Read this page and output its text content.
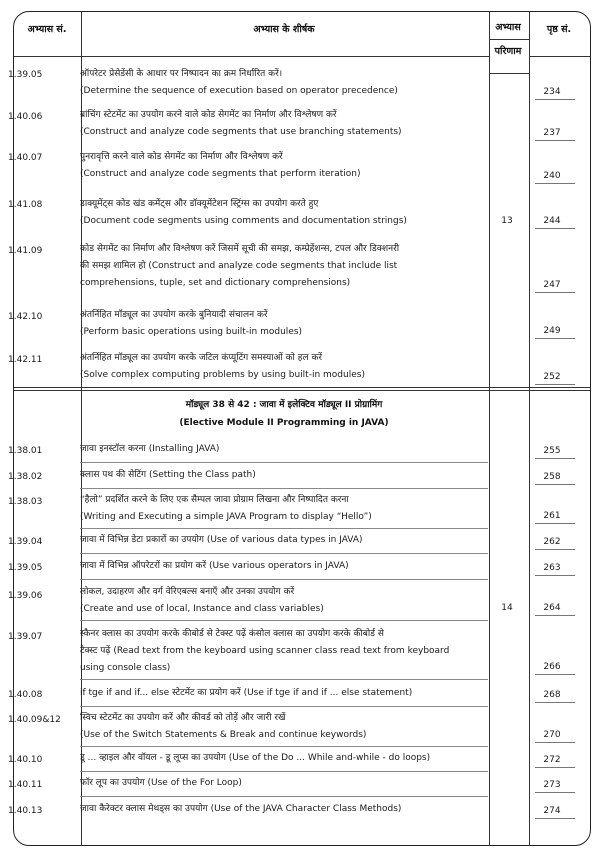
अभ्यास सं.	अभ्यास के शीर्षक	अभ्यास
परिणाम
पृष्ठ सं.
1.39.05	ऑपरेटर प्रेसेडेंसी के आधार पर निष्पादन का क्रम निर्धारित करें।
(Determine the sequence of execution based on operator precedence)	234
1.40.06	ब्रांचिंग स्टेटमेंट का उपयोग करने वाले कोड सेगमेंट का निर्माण और विश्लेषण करें
(Construct and analyze code segments that use branching statements)	237
1.40.07	पुनरावृत्ति करने वाले कोड सेगमेंट का निर्माण और विश्लेषण करें
(Construct and analyze code segments that perform iteration)	240
1.41.08	डाक्यूमेंट्स कोड खंड कमेंट्स और डॉक्यूमेंटेशन स्ट्रिंग्स का उपयोग करते हुए
(Document code segments using comments and documentation strings)	13	244
1.41.09	कोड सेगमेंट का निर्माण और विश्लेषण करें जिसमें सूची की समझ, कम्प्रेहेंशन्स, टपल और डिक्शनरी
की समझ शामिल हो (Construct and analyze code segments that include list
comprehensions, tuple, set and dictionary comprehensions)	247
1.42.10	अंतर्निहित मॉड्यूल का उपयोग करके बुनियादी संचालन करें
(Perform basic operations using built-in modules)	249
1.42.11	अंतर्निहित मॉड्यूल का उपयोग करके जटिल कंप्यूटिंग समस्याओं को हल करें
(Solve complex computing problems by using built-in modules)	252
मॉड्यूल 38 से 42 : जावा में इलेक्टिव मॉड्यूल II प्रोग्रामिंग
(Elective Module II Programming in JAVA)
1.38.01	जावा इनस्टॉल करना (Installing JAVA)	255
1.38.02	क्लास पथ की सेटिंग (Setting the Class path)	258
1.38.03	“हैलो” प्रदर्शित करने के लिए एक सैम्पल जावा प्रोग्राम लिखना और निष्पादित करना
(Writing and Executing a simple JAVA Program to display “Hello”)	261
1.39.04	जावा में विभिन्न डेटा प्रकारों का उपयोग (Use of various data types in JAVA)	262
1.39.05	जावा में विभिन्न ऑपरेटरों का प्रयोग करें (Use various operators in JAVA)	263
1.39.06	लोकल, उदाहरण और वर्ग वेरिएबल्स बनाएँ और उनका उपयोग करें
(Create and use of local, Instance and class variables)	14	264
1.39.07	स्कैनर क्लास का उपयोग करके कीबोर्ड से टेक्स्ट पढ़ें कंसोल क्लास का उपयोग करके कीबोर्ड से
टेक्स्ट पढ़ें (Read text from the keyboard using scanner class read text from keyboard
using console class)	266
1.40.08	if tge if and if... else स्टेटमेंट का प्रयोग करें (Use if tge if and if ... else statement)	268
1.40.09&12 स्विच स्टेटमेंट का उपयोग करें और कीवर्ड को तोड़ें और जारी रखें
(Use of the Switch Statements & Break and continue keywords)	270
1.40.10	डू ... व्हाइल और वॉयल - डू लूप्स का उपयोग (Use of the Do ... While and-while - do loops)	272
1.40.11	फॉर लूप का उपयोग (Use of the For Loop)	273
1.40.13	जावा कैरेक्टर क्लास मेथड्स का उपयोग (Use of the JAVA Character Class Methods)	274
